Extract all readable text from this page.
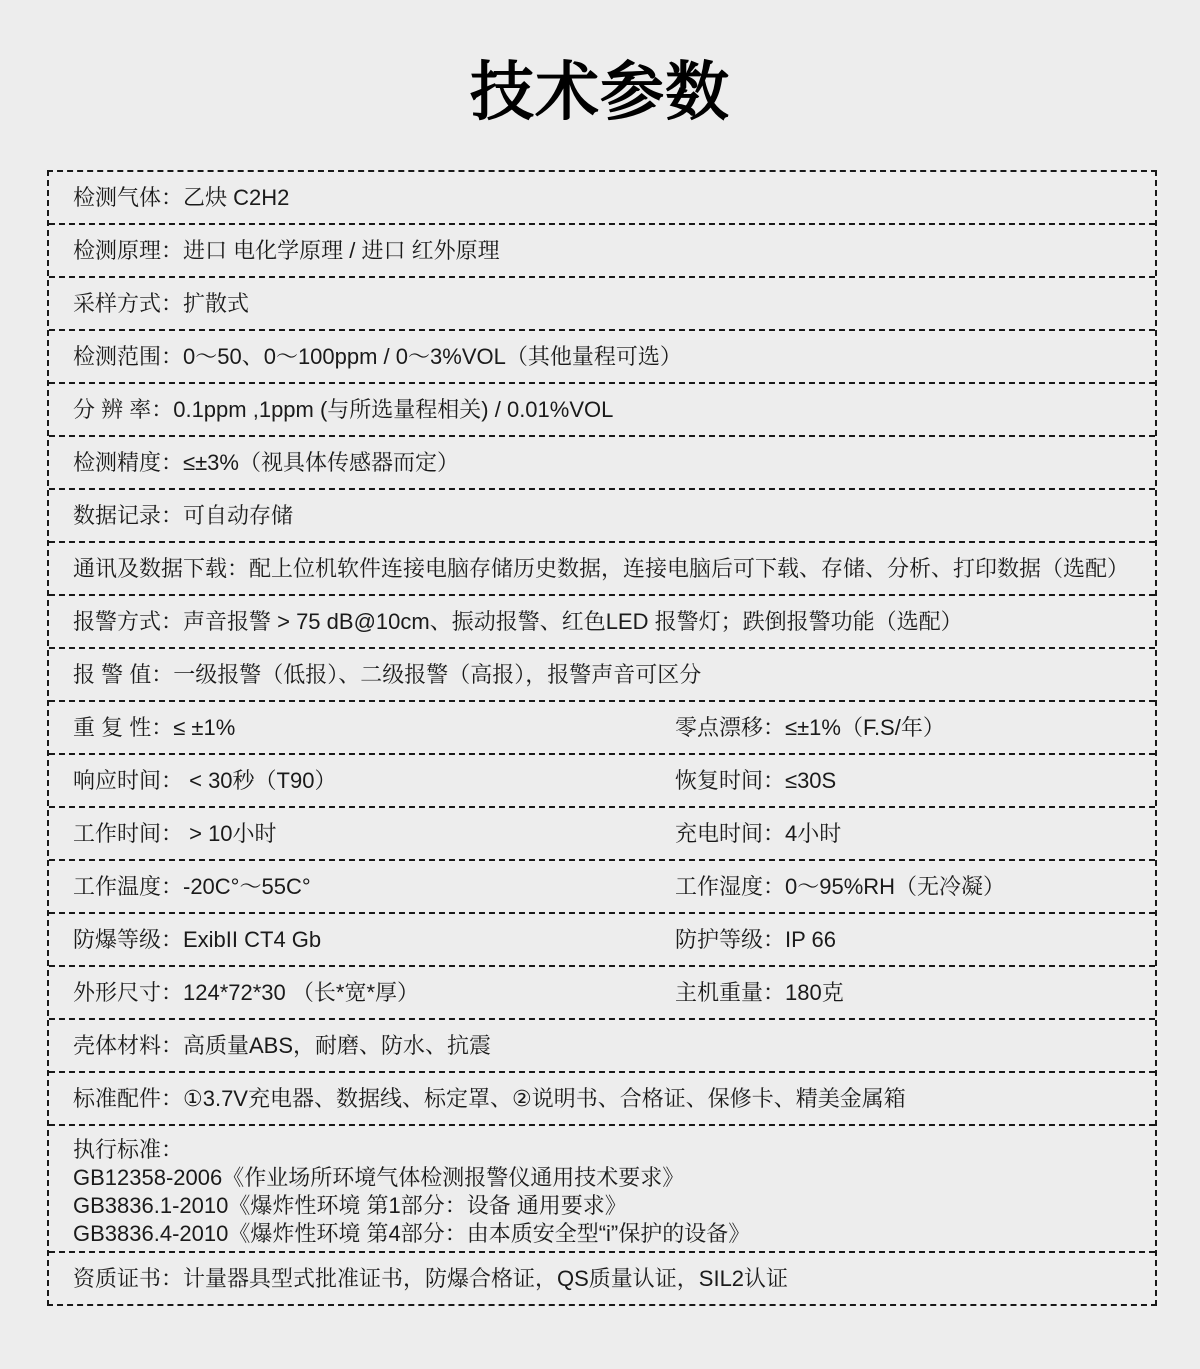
技术参数
检测气体：乙炔 C2H2
检测原理：进口 电化学原理 / 进口 红外原理
采样方式：扩散式
检测范围：0～50、0～100ppm / 0～3%VOL（其他量程可选）
分 辨 率：0.1ppm ,1ppm (与所选量程相关) / 0.01%VOL
检测精度：≤±3%（视具体传感器而定）
数据记录：可自动存储
通讯及数据下载：配上位机软件连接电脑存储历史数据，连接电脑后可下载、存储、分析、打印数据（选配）
报警方式：声音报警 > 75 dB@10cm、振动报警、红色LED 报警灯；跌倒报警功能（选配）
报 警 值：一级报警（低报）、二级报警（高报），报警声音可区分
重 复 性：≤ ±1%	零点漂移：≤±1%（F.S/年）
响应时间： < 30秒（T90）	恢复时间：≤30S
工作时间： > 10小时	充电时间：4小时
工作温度：-20C°～55C°	工作湿度：0～95%RH（无冷凝）
防爆等级：ExibII CT4 Gb	防护等级：IP 66
外形尺寸：124*72*30 （长*宽*厚）	主机重量：180克
壳体材料：高质量ABS，耐磨、防水、抗震
标准配件：①3.7V充电器、数据线、标定罩、②说明书、合格证、保修卡、精美金属箱
执行标准：
GB12358-2006《作业场所环境气体检测报警仪通用技术要求》
GB3836.1-2010《爆炸性环境 第1部分：设备 通用要求》
GB3836.4-2010《爆炸性环境 第4部分：由本质安全型“i”保护的设备》
资质证书：计量器具型式批准证书，防爆合格证，QS质量认证，SIL2认证
